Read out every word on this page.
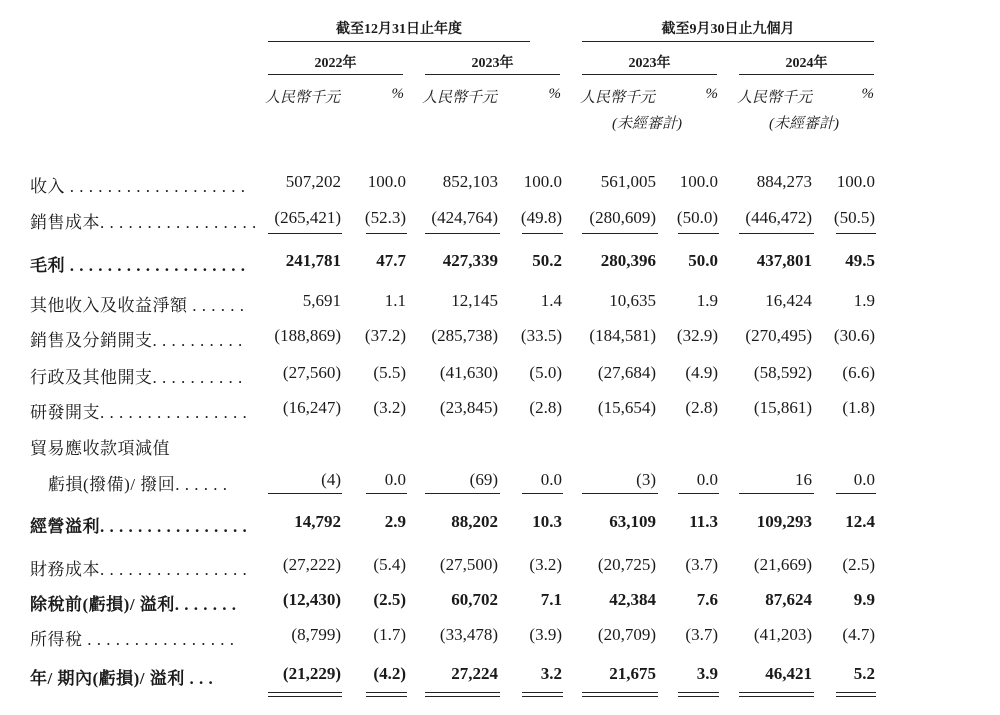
截至12月31日止年度	截至9月30日止九個月
2022年	2023年	2023年	2024年
人民幣千元	% 人民幣千元	% 人民幣千元	% 人民幣千元	%
(未經審計)	(未經審計)
收入 . . . . . . . . . . . . . . . . . . .	507,202	100.0	852,103	100.0	561,005	100.0	884,273	100.0
銷售成本. . . . . . . . . . . . . . . . .	(265,421)	(52.3)	(424,764)	(49.8)	(280,609)	(50.0)	(446,472)	(50.5)
毛利 . . . . . . . . . . . . . . . . . . .	241,781	47.7	427,339	50.2	280,396	50.0	437,801	49.5
其他收入及收益淨額 . . . . . .	5,691	1.1	12,145	1.4	10,635	1.9	16,424	1.9
銷售及分銷開支. . . . . . . . . .	(188,869)	(37.2)	(285,738)	(33.5)	(184,581)	(32.9)	(270,495)	(30.6)
行政及其他開支. . . . . . . . . .	(27,560)	(5.5)	(41,630)	(5.0)	(27,684)	(4.9)	(58,592)	(6.6)
研發開支. . . . . . . . . . . . . . . .	(16,247)	(3.2)	(23,845)	(2.8)	(15,654)	(2.8)	(15,861)	(1.8)
貿易應收款項減值
虧損(撥備)/ 撥回. . . . . .	(4)	0.0	(69)	0.0	(3)	0.0	16	0.0
經營溢利. . . . . . . . . . . . . . . .	14,792	2.9	88,202	10.3	63,109	11.3	109,293	12.4
財務成本. . . . . . . . . . . . . . . .	(27,222)	(5.4)	(27,500)	(3.2)	(20,725)	(3.7)	(21,669)	(2.5)
除稅前(虧損)/ 溢利. . . . . . .	(12,430)	(2.5)	60,702	7.1	42,384	7.6	87,624	9.9
所得稅 . . . . . . . . . . . . . . . .	(8,799)	(1.7)	(33,478)	(3.9)	(20,709)	(3.7)	(41,203)	(4.7)
年/ 期內(虧損)/ 溢利 . . .	(21,229)	(4.2)	27,224	3.2	21,675	3.9	46,421	5.2
